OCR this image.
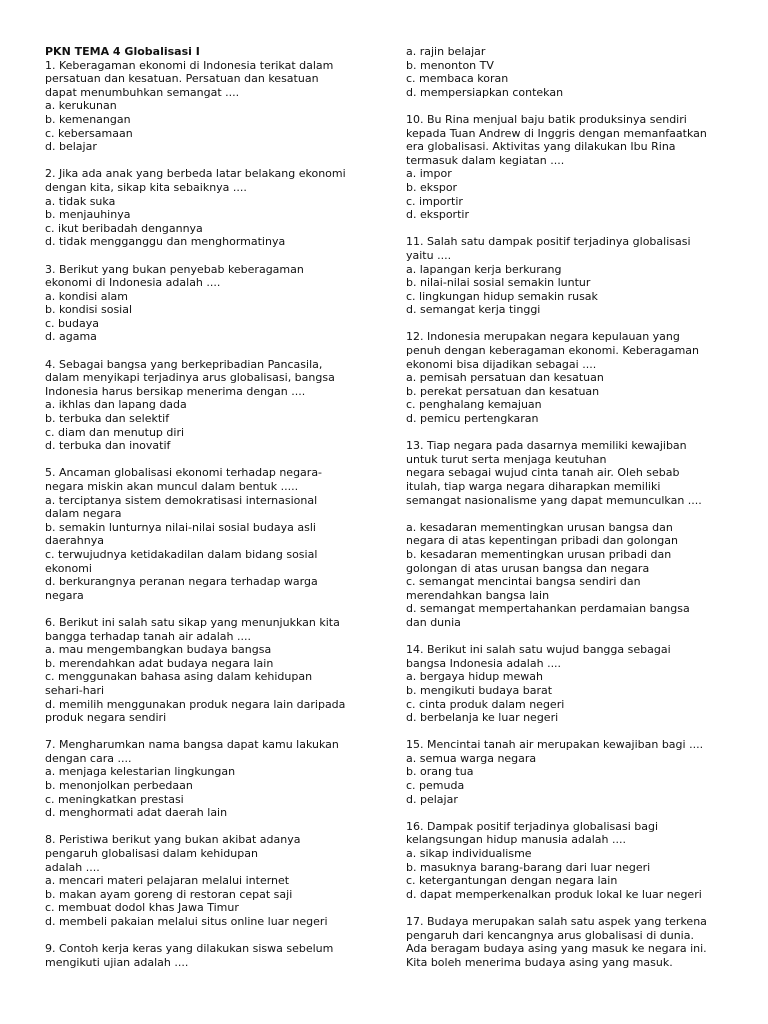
PKN TEMA 4 Globalisasi I
1. Keberagaman ekonomi di Indonesia terikat dalam
persatuan dan kesatuan. Persatuan dan kesatuan
dapat menumbuhkan semangat ....
a. kerukunan
b. kemenangan
c. kebersamaan
d. belajar
2. Jika ada anak yang berbeda latar belakang ekonomi
dengan kita, sikap kita sebaiknya ....
a. tidak suka
b. menjauhinya
c. ikut beribadah dengannya
d. tidak mengganggu dan menghormatinya
3. Berikut yang bukan penyebab keberagaman
ekonomi di Indonesia adalah ....
a. kondisi alam
b. kondisi sosial
c. budaya
d. agama
4. Sebagai bangsa yang berkepribadian Pancasila,
dalam menyikapi terjadinya arus globalisasi, bangsa
Indonesia harus bersikap menerima dengan ....
a. ikhlas dan lapang dada
b. terbuka dan selektif
c. diam dan menutup diri
d. terbuka dan inovatif
5. Ancaman globalisasi ekonomi terhadap negara-
negara miskin akan muncul dalam bentuk .....
a. terciptanya sistem demokratisasi internasional
dalam negara
b. semakin lunturnya nilai-nilai sosial budaya asli
daerahnya
c. terwujudnya ketidakadilan dalam bidang sosial
ekonomi
d. berkurangnya peranan negara terhadap warga
negara
6. Berikut ini salah satu sikap yang menunjukkan kita
bangga terhadap tanah air adalah ....
a. mau mengembangkan budaya bangsa
b. merendahkan adat budaya negara lain
c. menggunakan bahasa asing dalam kehidupan
sehari-hari
d. memilih menggunakan produk negara lain daripada
produk negara sendiri
7. Mengharumkan nama bangsa dapat kamu lakukan
dengan cara ....
a. menjaga kelestarian lingkungan
b. menonjolkan perbedaan
c. meningkatkan prestasi
d. menghormati adat daerah lain
8. Peristiwa berikut yang bukan akibat adanya
pengaruh globalisasi dalam kehidupan
adalah ....
a. mencari materi pelajaran melalui internet
b. makan ayam goreng di restoran cepat saji
c. membuat dodol khas Jawa Timur
d. membeli pakaian melalui situs online luar negeri
9. Contoh kerja keras yang dilakukan siswa sebelum
mengikuti ujian adalah ....
a. rajin belajar
b. menonton TV
c. membaca koran
d. mempersiapkan contekan
10. Bu Rina menjual baju batik produksinya sendiri
kepada Tuan Andrew di Inggris dengan memanfaatkan
era globalisasi. Aktivitas yang dilakukan Ibu Rina
termasuk dalam kegiatan ....
a. impor
b. ekspor
c. importir
d. eksportir
11. Salah satu dampak positif terjadinya globalisasi
yaitu ....
a. lapangan kerja berkurang
b. nilai-nilai sosial semakin luntur
c. lingkungan hidup semakin rusak
d. semangat kerja tinggi
12. Indonesia merupakan negara kepulauan yang
penuh dengan keberagaman ekonomi. Keberagaman
ekonomi bisa dijadikan sebagai ....
a. pemisah persatuan dan kesatuan
b. perekat persatuan dan kesatuan
c. penghalang kemajuan
d. pemicu pertengkaran
13. Tiap negara pada dasarnya memiliki kewajiban
untuk turut serta menjaga keutuhan
negara sebagai wujud cinta tanah air. Oleh sebab
itulah, tiap warga negara diharapkan memiliki
semangat nasionalisme yang dapat memunculkan ....

a. kesadaran mementingkan urusan bangsa dan
negara di atas kepentingan pribadi dan golongan
b. kesadaran mementingkan urusan pribadi dan
golongan di atas urusan bangsa dan negara
c. semangat mencintai bangsa sendiri dan
merendahkan bangsa lain
d. semangat mempertahankan perdamaian bangsa
dan dunia
14. Berikut ini salah satu wujud bangga sebagai
bangsa Indonesia adalah ....
a. bergaya hidup mewah
b. mengikuti budaya barat
c. cinta produk dalam negeri
d. berbelanja ke luar negeri
15. Mencintai tanah air merupakan kewajiban bagi ....
a. semua warga negara
b. orang tua
c. pemuda
d. pelajar
16. Dampak positif terjadinya globalisasi bagi
kelangsungan hidup manusia adalah ....
a. sikap individualisme
b. masuknya barang-barang dari luar negeri
c. ketergantungan dengan negara lain
d. dapat memperkenalkan produk lokal ke luar negeri
17. Budaya merupakan salah satu aspek yang terkena
pengaruh dari kencangnya arus globalisasi di dunia.
Ada beragam budaya asing yang masuk ke negara ini.
Kita boleh menerima budaya asing yang masuk.
